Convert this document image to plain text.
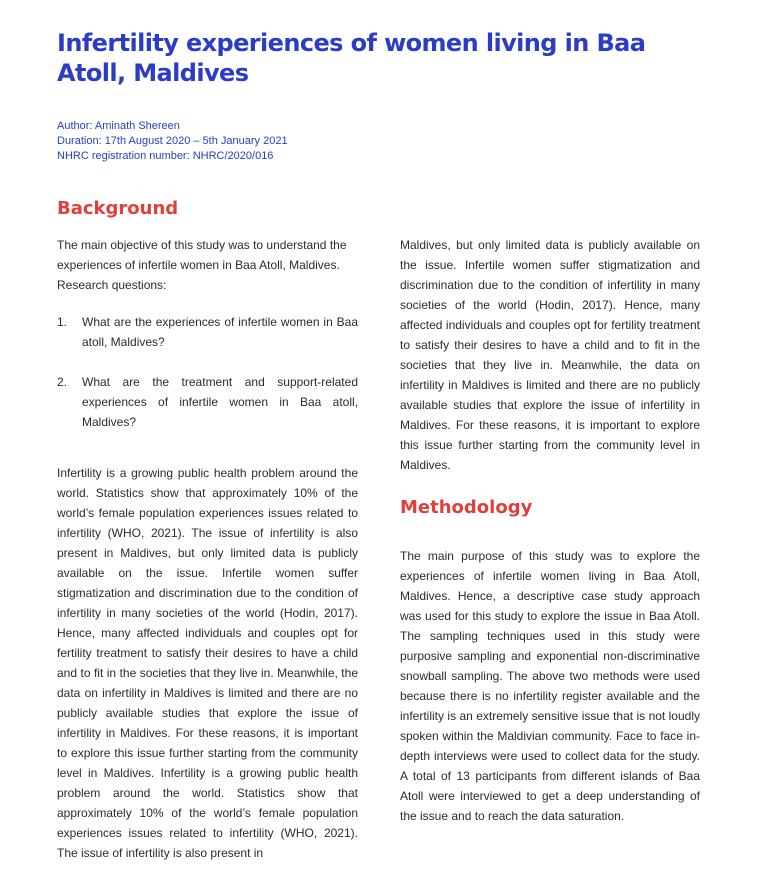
Infertility experiences of women living in Baa Atoll, Maldives
Author: Aminath Shereen
Duration: 17th August 2020 – 5th January 2021
NHRC registration number: NHRC/2020/016
Background

The main objective of this study was to understand the experiences of infertile women in Baa Atoll, Maldives. Research questions:

1. What are the experiences of infertile women in Baa atoll, Maldives?
2. What are the treatment and support-related experiences of infertile women in Baa atoll, Maldives?

Infertility is a growing public health problem around the world. Statistics show that approximately 10% of the world’s female population experiences issues related to infertility (WHO, 2021). The issue of infertility is also present in Maldives, but only limited data is publicly available on the issue. Infertile women suffer stigmatization and discrimination due to the condition of infertility in many societies of the world (Hodin, 2017). Hence, many affected individuals and couples opt for fertility treatment to satisfy their desires to have a child and to fit in the societies that they live in. Meanwhile, the data on infertility in Maldives is limited and there are no publicly available studies that explore the issue of infertility in Maldives. For these reasons, it is important to explore this issue further starting from the community level in Maldives. Infertility is a growing public health problem around the world. Statistics show that approximately 10% of the world’s female population experiences issues related to infertility (WHO, 2021). The issue of infertility is also present in

Maldives, but only limited data is publicly available on the issue. Infertile women suffer stigmatization and discrimination due to the condition of infertility in many societies of the world (Hodin, 2017). Hence, many affected individuals and couples opt for fertility treatment to satisfy their desires to have a child and to fit in the societies that they live in. Meanwhile, the data on infertility in Maldives is limited and there are no publicly available studies that explore the issue of infertility in Maldives. For these reasons, it is important to explore this issue further starting from the community level in Maldives.

Methodology

The main purpose of this study was to explore the experiences of infertile women living in Baa Atoll, Maldives. Hence, a descriptive case study approach was used for this study to explore the issue in Baa Atoll. The sampling techniques used in this study were purposive sampling and exponential non-discriminative snowball sampling. The above two methods were used because there is no infertility register available and the infertility is an extremely sensitive issue that is not loudly spoken within the Maldivian community. Face to face in-depth interviews were used to collect data for the study. A total of 13 participants from different islands of Baa Atoll were interviewed to get a deep understanding of the issue and to reach the data saturation.
